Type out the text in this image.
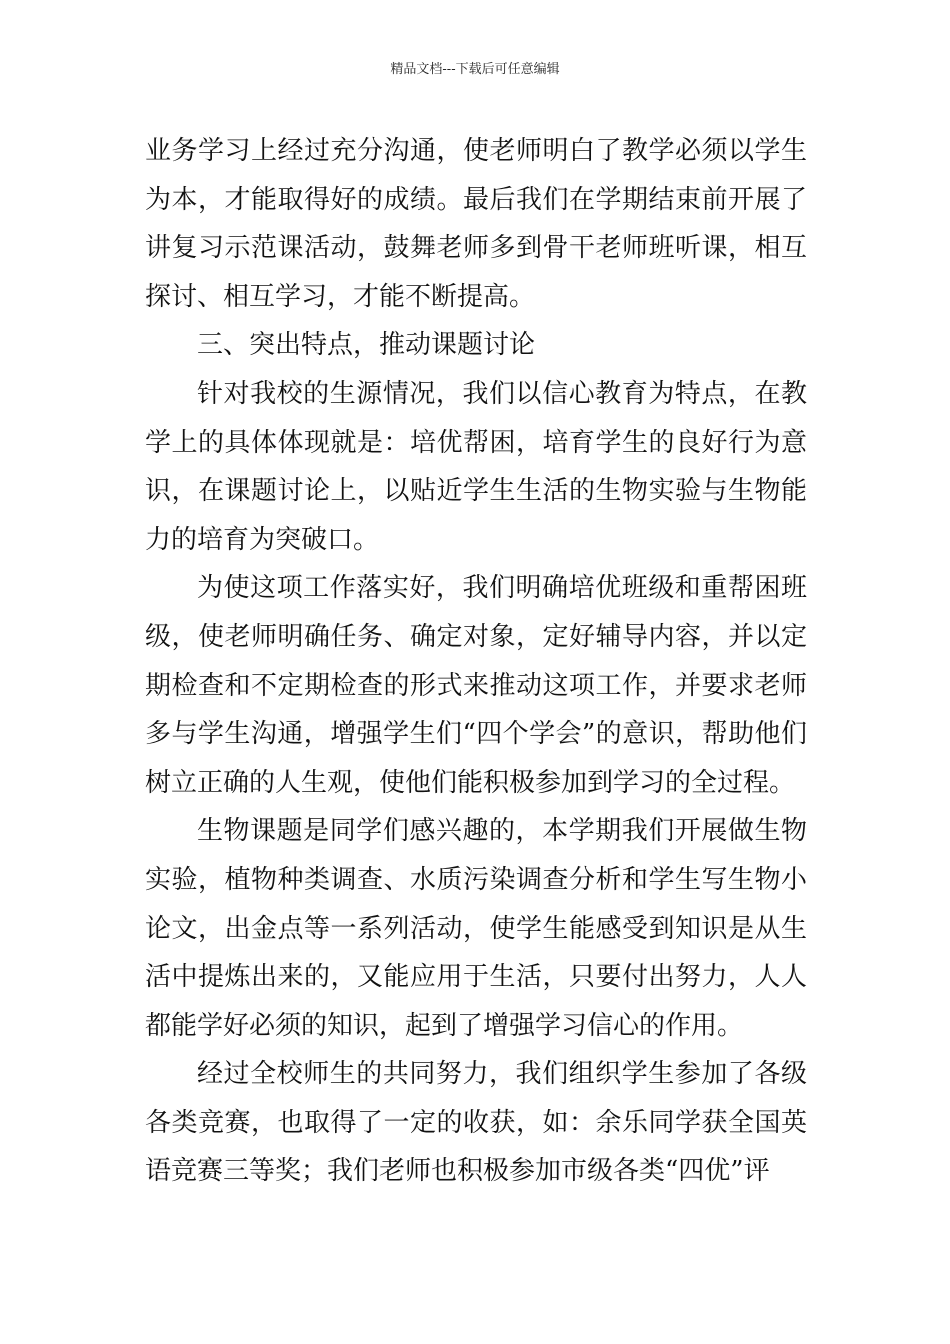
精品文档---下载后可任意编辑

业务学习上经过充分沟通，使老师明白了教学必须以学生为本，才能取得好的成绩。最后我们在学期结束前开展了讲复习示范课活动，鼓舞老师多到骨干老师班听课，相互探讨、相互学习，才能不断提高。

三、突出特点，推动课题讨论

针对我校的生源情况，我们以信心教育为特点，在教学上的具体体现就是：培优帮困，培育学生的良好行为意识，在课题讨论上，以贴近学生生活的生物实验与生物能力的培育为突破口。

为使这项工作落实好，我们明确培优班级和重帮困班级，使老师明确任务、确定对象，定好辅导内容，并以定期检查和不定期检查的形式来推动这项工作，并要求老师多与学生沟通，增强学生们“四个学会”的意识，帮助他们树立正确的人生观，使他们能积极参加到学习的全过程。

生物课题是同学们感兴趣的，本学期我们开展做生物实验，植物种类调查、水质污染调查分析和学生写生物小论文，出金点等一系列活动，使学生能感受到知识是从生活中提炼出来的，又能应用于生活，只要付出努力，人人都能学好必须的知识，起到了增强学习信心的作用。

经过全校师生的共同努力，我们组织学生参加了各级各类竞赛，也取得了一定的收获，如：余乐同学获全国英语竞赛三等奖；我们老师也积极参加市级各类“四优”评
